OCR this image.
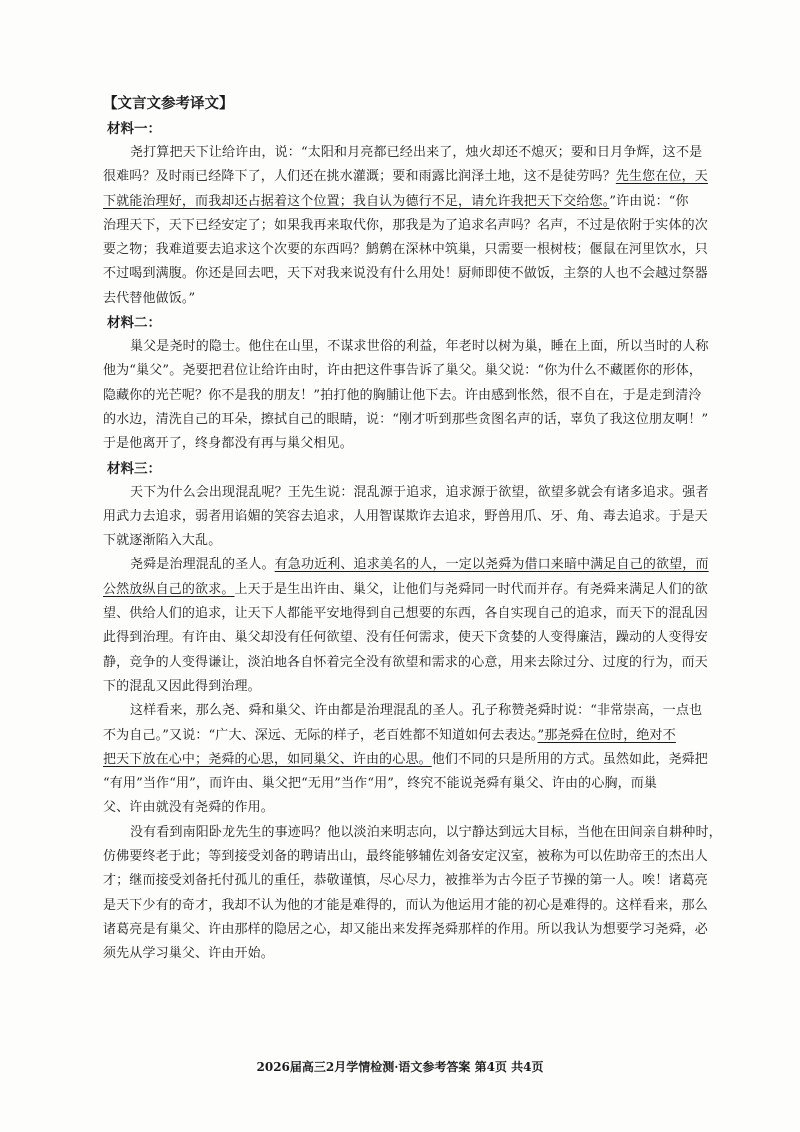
【文言文参考译文】
材料一：
尧打算把天下让给许由，说：“太阳和月亮都已经出来了，烛火却还不熄灭；要和日月争辉，这不是
很难吗？及时雨已经降下了，人们还在挑水灌溉；要和雨露比润泽土地，这不是徒劳吗？先生您在位，天
下就能治理好，而我却还占据着这个位置；我自认为德行不足，请允许我把天下交给您。”许由说：“你
治理天下，天下已经安定了；如果我再来取代你，那我是为了追求名声吗？名声，不过是依附于实体的次
要之物；我难道要去追求这个次要的东西吗？鹪鹩在深林中筑巢，只需要一根树枝；偃鼠在河里饮水，只
不过喝到满腹。你还是回去吧，天下对我来说没有什么用处！厨师即使不做饭，主祭的人也不会越过祭器
去代替他做饭。”
材料二：
巢父是尧时的隐士。他住在山里，不谋求世俗的利益，年老时以树为巢，睡在上面，所以当时的人称
他为“巢父”。尧要把君位让给许由时，许由把这件事告诉了巢父。巢父说：“你为什么不藏匿你的形体，
隐藏你的光芒呢？你不是我的朋友！”拍打他的胸脯让他下去。许由感到怅然，很不自在，于是走到清泠
的水边，清洗自己的耳朵，擦拭自己的眼睛，说：“刚才听到那些贪图名声的话，辜负了我这位朋友啊！”
于是他离开了，终身都没有再与巢父相见。
材料三：
天下为什么会出现混乱呢？王先生说：混乱源于追求，追求源于欲望，欲望多就会有诸多追求。强者
用武力去追求，弱者用谄媚的笑容去追求，人用智谋欺诈去追求，野兽用爪、牙、角、毒去追求。于是天
下就逐渐陷入大乱。
尧舜是治理混乱的圣人。有急功近利、追求美名的人，一定以尧舜为借口来暗中满足自己的欲望，而
公然放纵自己的欲求。上天于是生出许由、巢父，让他们与尧舜同一时代而并存。有尧舜来满足人们的欲
望、供给人们的追求，让天下人都能平安地得到自己想要的东西，各自实现自己的追求，而天下的混乱因
此得到治理。有许由、巢父却没有任何欲望、没有任何需求，使天下贪婪的人变得廉洁，躁动的人变得安
静，竞争的人变得谦让，淡泊地各自怀着完全没有欲望和需求的心意，用来去除过分、过度的行为，而天
下的混乱又因此得到治理。
这样看来，那么尧、舜和巢父、许由都是治理混乱的圣人。孔子称赞尧舜时说：“非常崇高，一点也
不为自己。”又说：“广大、深远、无际的样子，老百姓都不知道如何去表达。”那尧舜在位时，绝对不
把天下放在心中；尧舜的心思，如同巢父、许由的心思。他们不同的只是所用的方式。虽然如此，尧舜把
“有用”当作“用”，而许由、巢父把“无用”当作“用”，终究不能说尧舜有巢父、许由的心胸，而巢
父、许由就没有尧舜的作用。
没有看到南阳卧龙先生的事迹吗？他以淡泊来明志向，以宁静达到远大目标，当他在田间亲自耕种时，
仿佛要终老于此；等到接受刘备的聘请出山，最终能够辅佐刘备安定汉室，被称为可以佐助帝王的杰出人
才；继而接受刘备托付孤儿的重任，恭敬谨慎，尽心尽力，被推举为古今臣子节操的第一人。唉！诸葛亮
是天下少有的奇才，我却不认为他的才能是难得的，而认为他运用才能的初心是难得的。这样看来，那么
诸葛亮是有巢父、许由那样的隐居之心，却又能出来发挥尧舜那样的作用。所以我认为想要学习尧舜，必
须先从学习巢父、许由开始。
2026届高三2月学情检测·语文参考答案 第4页 共4页
